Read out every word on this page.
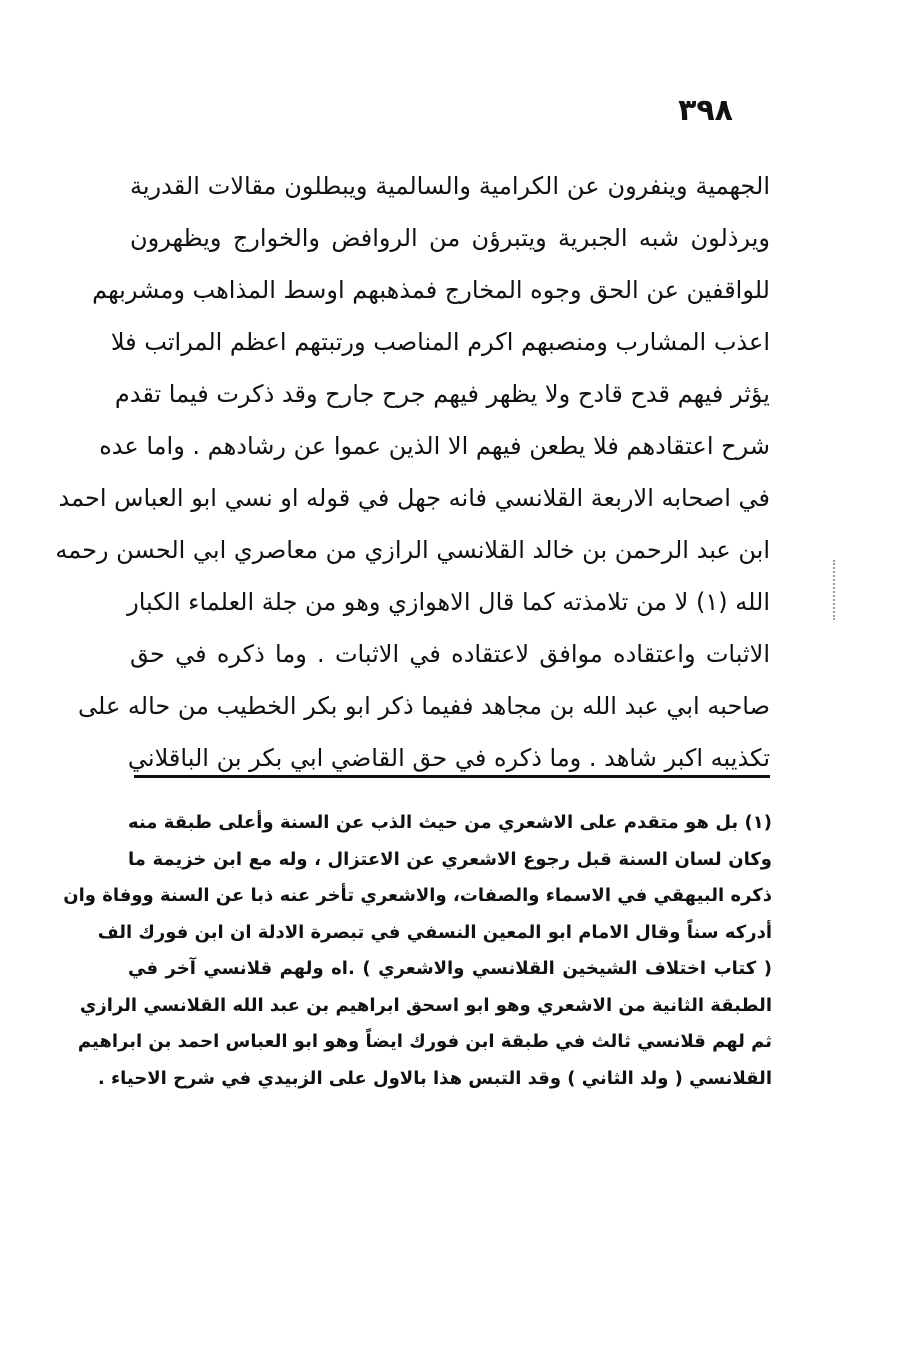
٣٩٨
الجهمية وينفرون عن الكرامية والسالمية ويبطلون مقالات القدرية
ويرذلون شبه الجبرية ويتبرؤن من الروافض والخوارج ويظهرون
للواقفين عن الحق وجوه المخارج فمذهبهم اوسط المذاهب ومشربهم
اعذب المشارب ومنصبهم اكرم المناصب ورتبتهم اعظم المراتب فلا
يؤثر فيهم قدح قادح ولا يظهر فيهم جرح جارح وقد ذكرت فيما تقدم
شرح اعتقادهم فلا يطعن فيهم الا الذين عموا عن رشادهم . واما عده
في اصحابه الاربعة القلانسي فانه جهل في قوله او نسي ابو العباس احمد
ابن عبد الرحمن بن خالد القلانسي الرازي من معاصري ابي الحسن رحمه
الله (١) لا من تلامذته كما قال الاهوازي وهو من جلة العلماء الكبار
الاثبات واعتقاده موافق لاعتقاده في الاثبات . وما ذكره في حق
صاحبه ابي عبد الله بن مجاهد ففيما ذكر ابو بكر الخطيب من حاله على
تكذيبه اكبر شاهد . وما ذكره في حق القاضي ابي بكر بن الباقلاني
(١) بل هو متقدم على الاشعري من حيث الذب عن السنة وأعلى طبقة منه
وكان لسان السنة قبل رجوع الاشعري عن الاعتزال ، وله مع ابن خزيمة ما
ذكره البيهقي في الاسماء والصفات، والاشعري تأخر عنه ذبا عن السنة ووفاة وان
أدركه سناً وقال الامام ابو المعين النسفي في تبصرة الادلة ان ابن فورك الف
( كتاب اختلاف الشيخين القلانسي والاشعري ) .اه ولهم قلانسي آخر في
الطبقة الثانية من الاشعري وهو ابو اسحق ابراهيم بن عبد الله القلانسي الرازي
ثم لهم قلانسي ثالث في طبقة ابن فورك ايضاً وهو ابو العباس احمد بن ابراهيم
القلانسي ( ولد الثاني ) وقد التبس هذا بالاول على الزبيدي في شرح الاحياء .
